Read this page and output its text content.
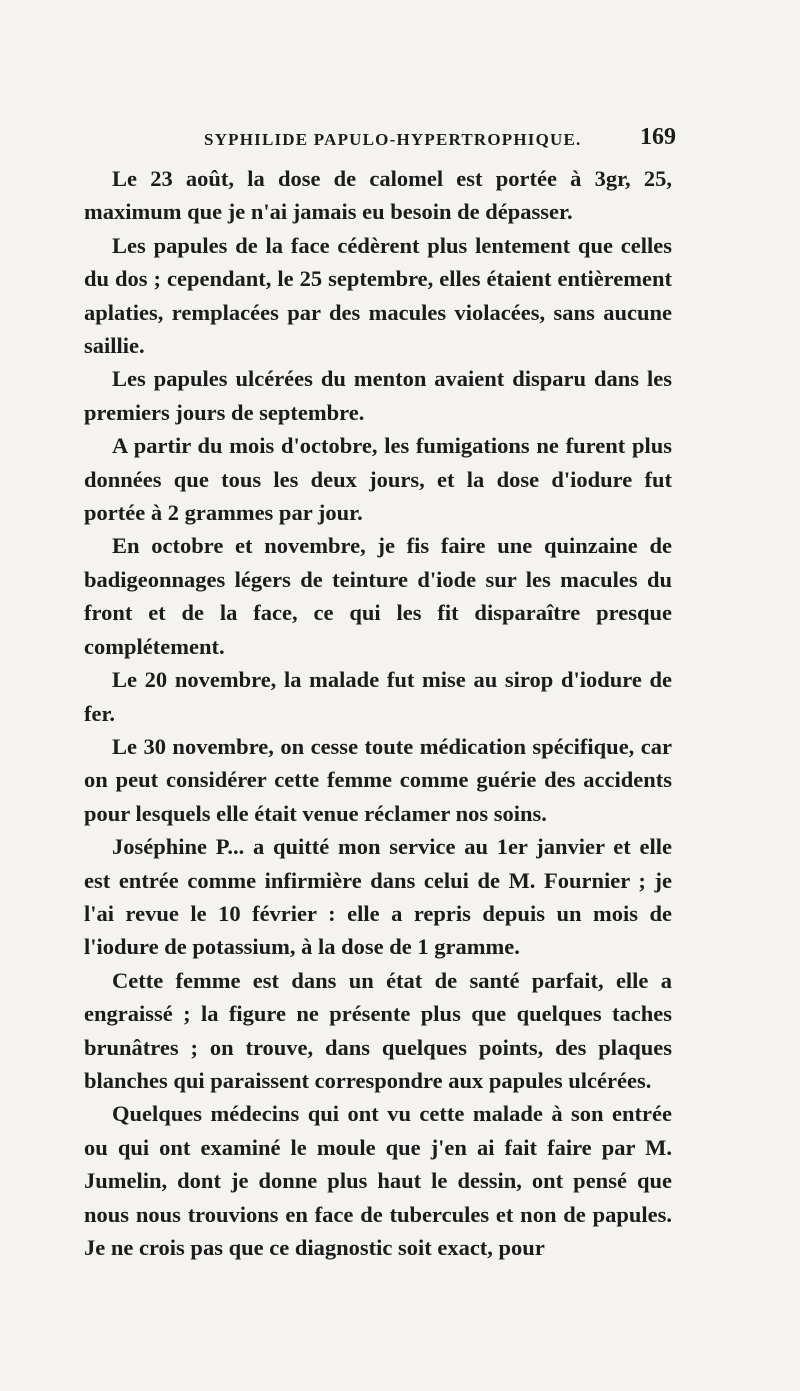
SYPHILIDE PAPULO-HYPERTROPHIQUE. 169

Le 23 août, la dose de calomel est portée à 3gr, 25, maximum que je n'ai jamais eu besoin de dépasser.

Les papules de la face cédèrent plus lentement que celles du dos ; cependant, le 25 septembre, elles étaient entièrement aplaties, remplacées par des macules violacées, sans aucune saillie.

Les papules ulcérées du menton avaient disparu dans les premiers jours de septembre.

A partir du mois d'octobre, les fumigations ne furent plus données que tous les deux jours, et la dose d'iodure fut portée à 2 grammes par jour.

En octobre et novembre, je fis faire une quinzaine de badigeonnages légers de teinture d'iode sur les macules du front et de la face, ce qui les fit disparaître presque complétement.

Le 20 novembre, la malade fut mise au sirop d'iodure de fer.

Le 30 novembre, on cesse toute médication spécifique, car on peut considérer cette femme comme guérie des accidents pour lesquels elle était venue réclamer nos soins.

Joséphine P... a quitté mon service au 1er janvier et elle est entrée comme infirmière dans celui de M. Fournier ; je l'ai revue le 10 février : elle a repris depuis un mois de l'iodure de potassium, à la dose de 1 gramme.

Cette femme est dans un état de santé parfait, elle a engraissé ; la figure ne présente plus que quelques taches brunâtres ; on trouve, dans quelques points, des plaques blanches qui paraissent correspondre aux papules ulcérées.

Quelques médecins qui ont vu cette malade à son entrée ou qui ont examiné le moule que j'en ai fait faire par M. Jumelin, dont je donne plus haut le dessin, ont pensé que nous nous trouvions en face de tubercules et non de papules. Je ne crois pas que ce diagnostic soit exact, pour
